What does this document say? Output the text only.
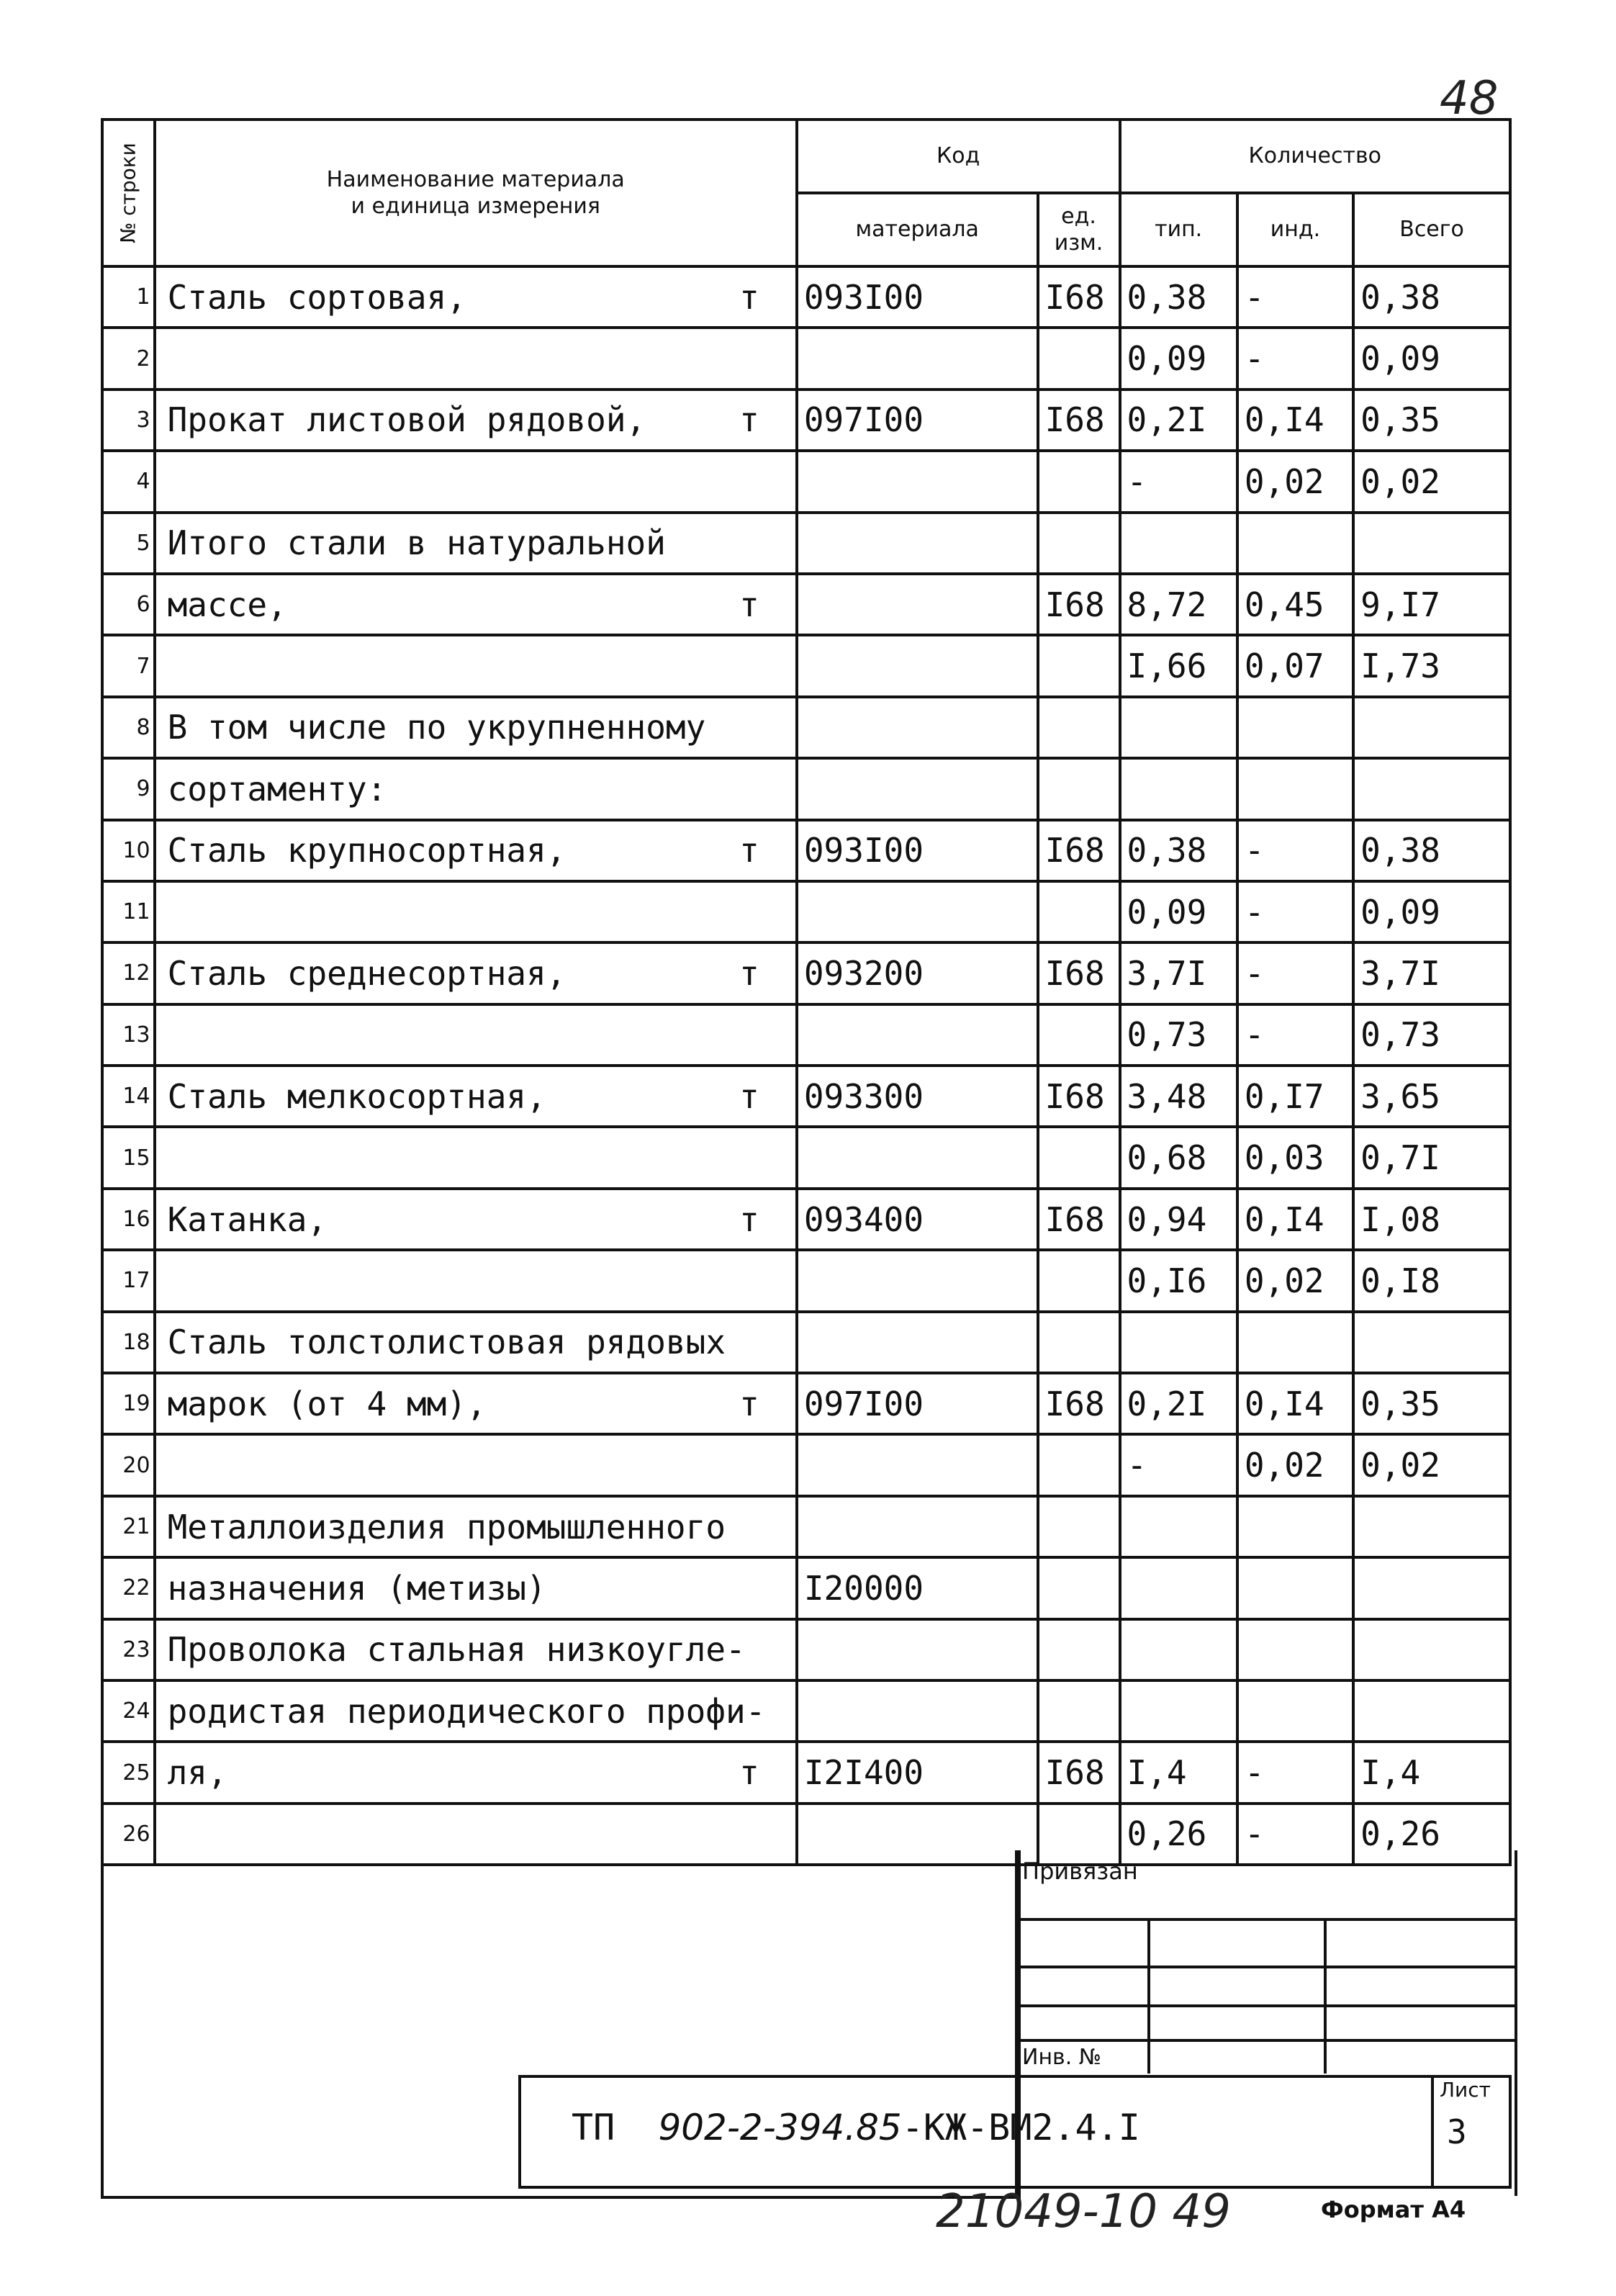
48
№ строки	Наименование материала
и единица измерения	Код		Количество		
		материала	ед. изм.	тип.	инд.	Всего
1	Сталь сортовая, т	093I00	I68	0,38	-	0,38
2				0,09	-	0,09
3	Прокат листовой рядовой, т	097I00	I68	0,2I	0,I4	0,35
4				-	0,02	0,02
5	Итого стали в натуральной					

6	массе, т		I68	8,72	0,45	9,I7
7				I,66	0,07	I,73
8	В том числе по укрупненному					

9	сортаменту:					

10	Сталь крупносортная, т	093I00	I68	0,38	-	0,38
11				0,09	-	0,09
12	Сталь среднесортная, т	093200	I68	3,7I	-	3,7I
13				0,73	-	0,73
14	Сталь мелкосортная, т	093300	I68	3,48	0,I7	3,65
15				0,68	0,03	0,7I
16	Катанка, т	093400	I68	0,94	0,I4	I,08
17				0,I6	0,02	0,I8
18	Сталь толстолистовая рядовых					

19	марок (от 4 мм), т	097I00	I68	0,2I	0,I4	0,35
20				-	0,02	0,02
21	Металлоизделия промышленного					

22	назначения (метизы)	I20000				
23	Проволока стальная низкоугле-					

24	родистая периодического профи-					

25	ля, т	I2I400	I68	I,4	-	I,4
26				0,26	-	0,26
Привязан
Инв. №
ТП 902-2-394.85-КЖ-ВМ2.4.I
Лист
3
21049-10 49	Формат А4
